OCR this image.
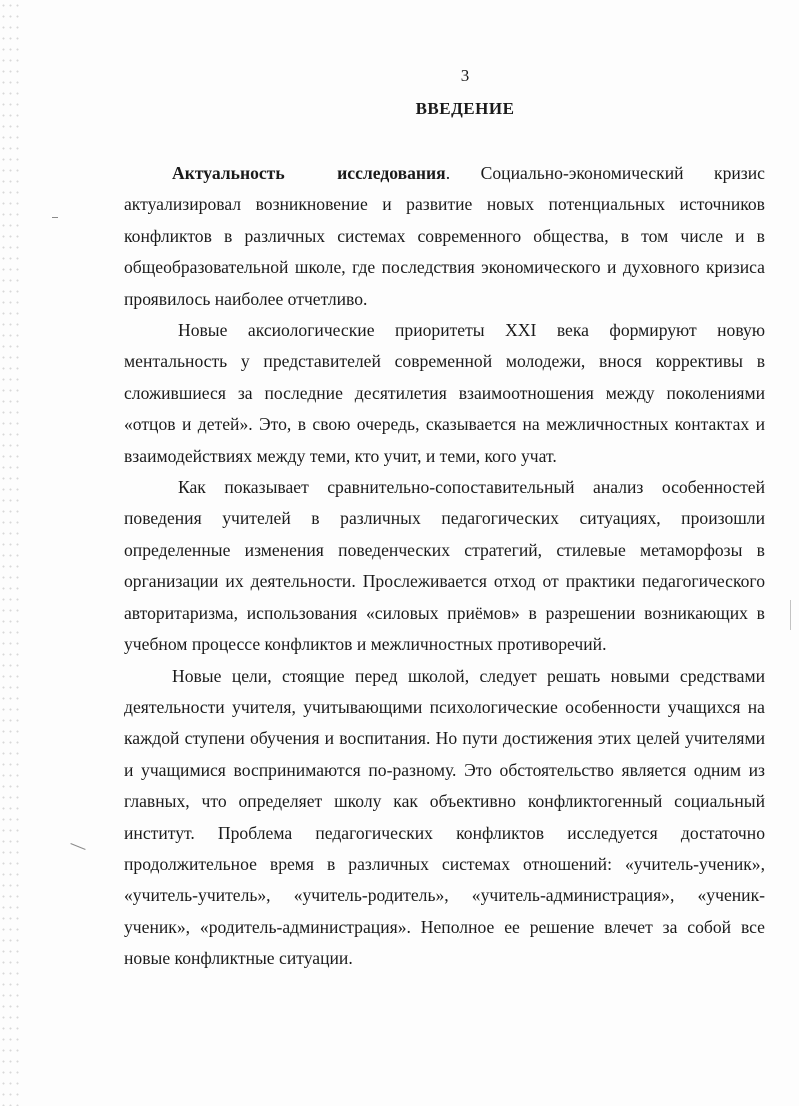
3
ВВЕДЕНИЕ

Актуальность исследования. Социально-экономический кризис актуализировал возникновение и развитие новых потенциальных источников конфликтов в различных системах современного общества, в том числе и в общеобразовательной школе, где последствия экономического и духовного кризиса проявилось наиболее отчетливо.

Новые аксиологические приоритеты XXI века формируют новую ментальность у представителей современной молодежи, внося коррективы в сложившиеся за последние десятилетия взаимоотношения между поколениями «отцов и детей». Это, в свою очередь, сказывается на межличностных контактах и взаимодействиях между теми, кто учит, и теми, кого учат.

Как показывает сравнительно-сопоставительный анализ особенностей поведения учителей в различных педагогических ситуациях, произошли определенные изменения поведенческих стратегий, стилевые метаморфозы в организации их деятельности. Прослеживается отход от практики педагогического авторитаризма, использования «силовых приёмов» в разрешении возникающих в учебном процессе конфликтов и межличностных противоречий.

Новые цели, стоящие перед школой, следует решать новыми средствами деятельности учителя, учитывающими психологические особенности учащихся на каждой ступени обучения и воспитания. Но пути достижения этих целей учителями и учащимися воспринимаются по-разному. Это обстоятельство является одним из главных, что определяет школу как объективно конфликтогенный социальный институт. Проблема педагогических конфликтов исследуется достаточно продолжительное время в различных системах отношений: «учитель-ученик», «учитель-учитель», «учитель-родитель», «учитель-администрация», «ученик-ученик», «родитель-администрация». Неполное ее решение влечет за собой все новые конфликтные ситуации.
